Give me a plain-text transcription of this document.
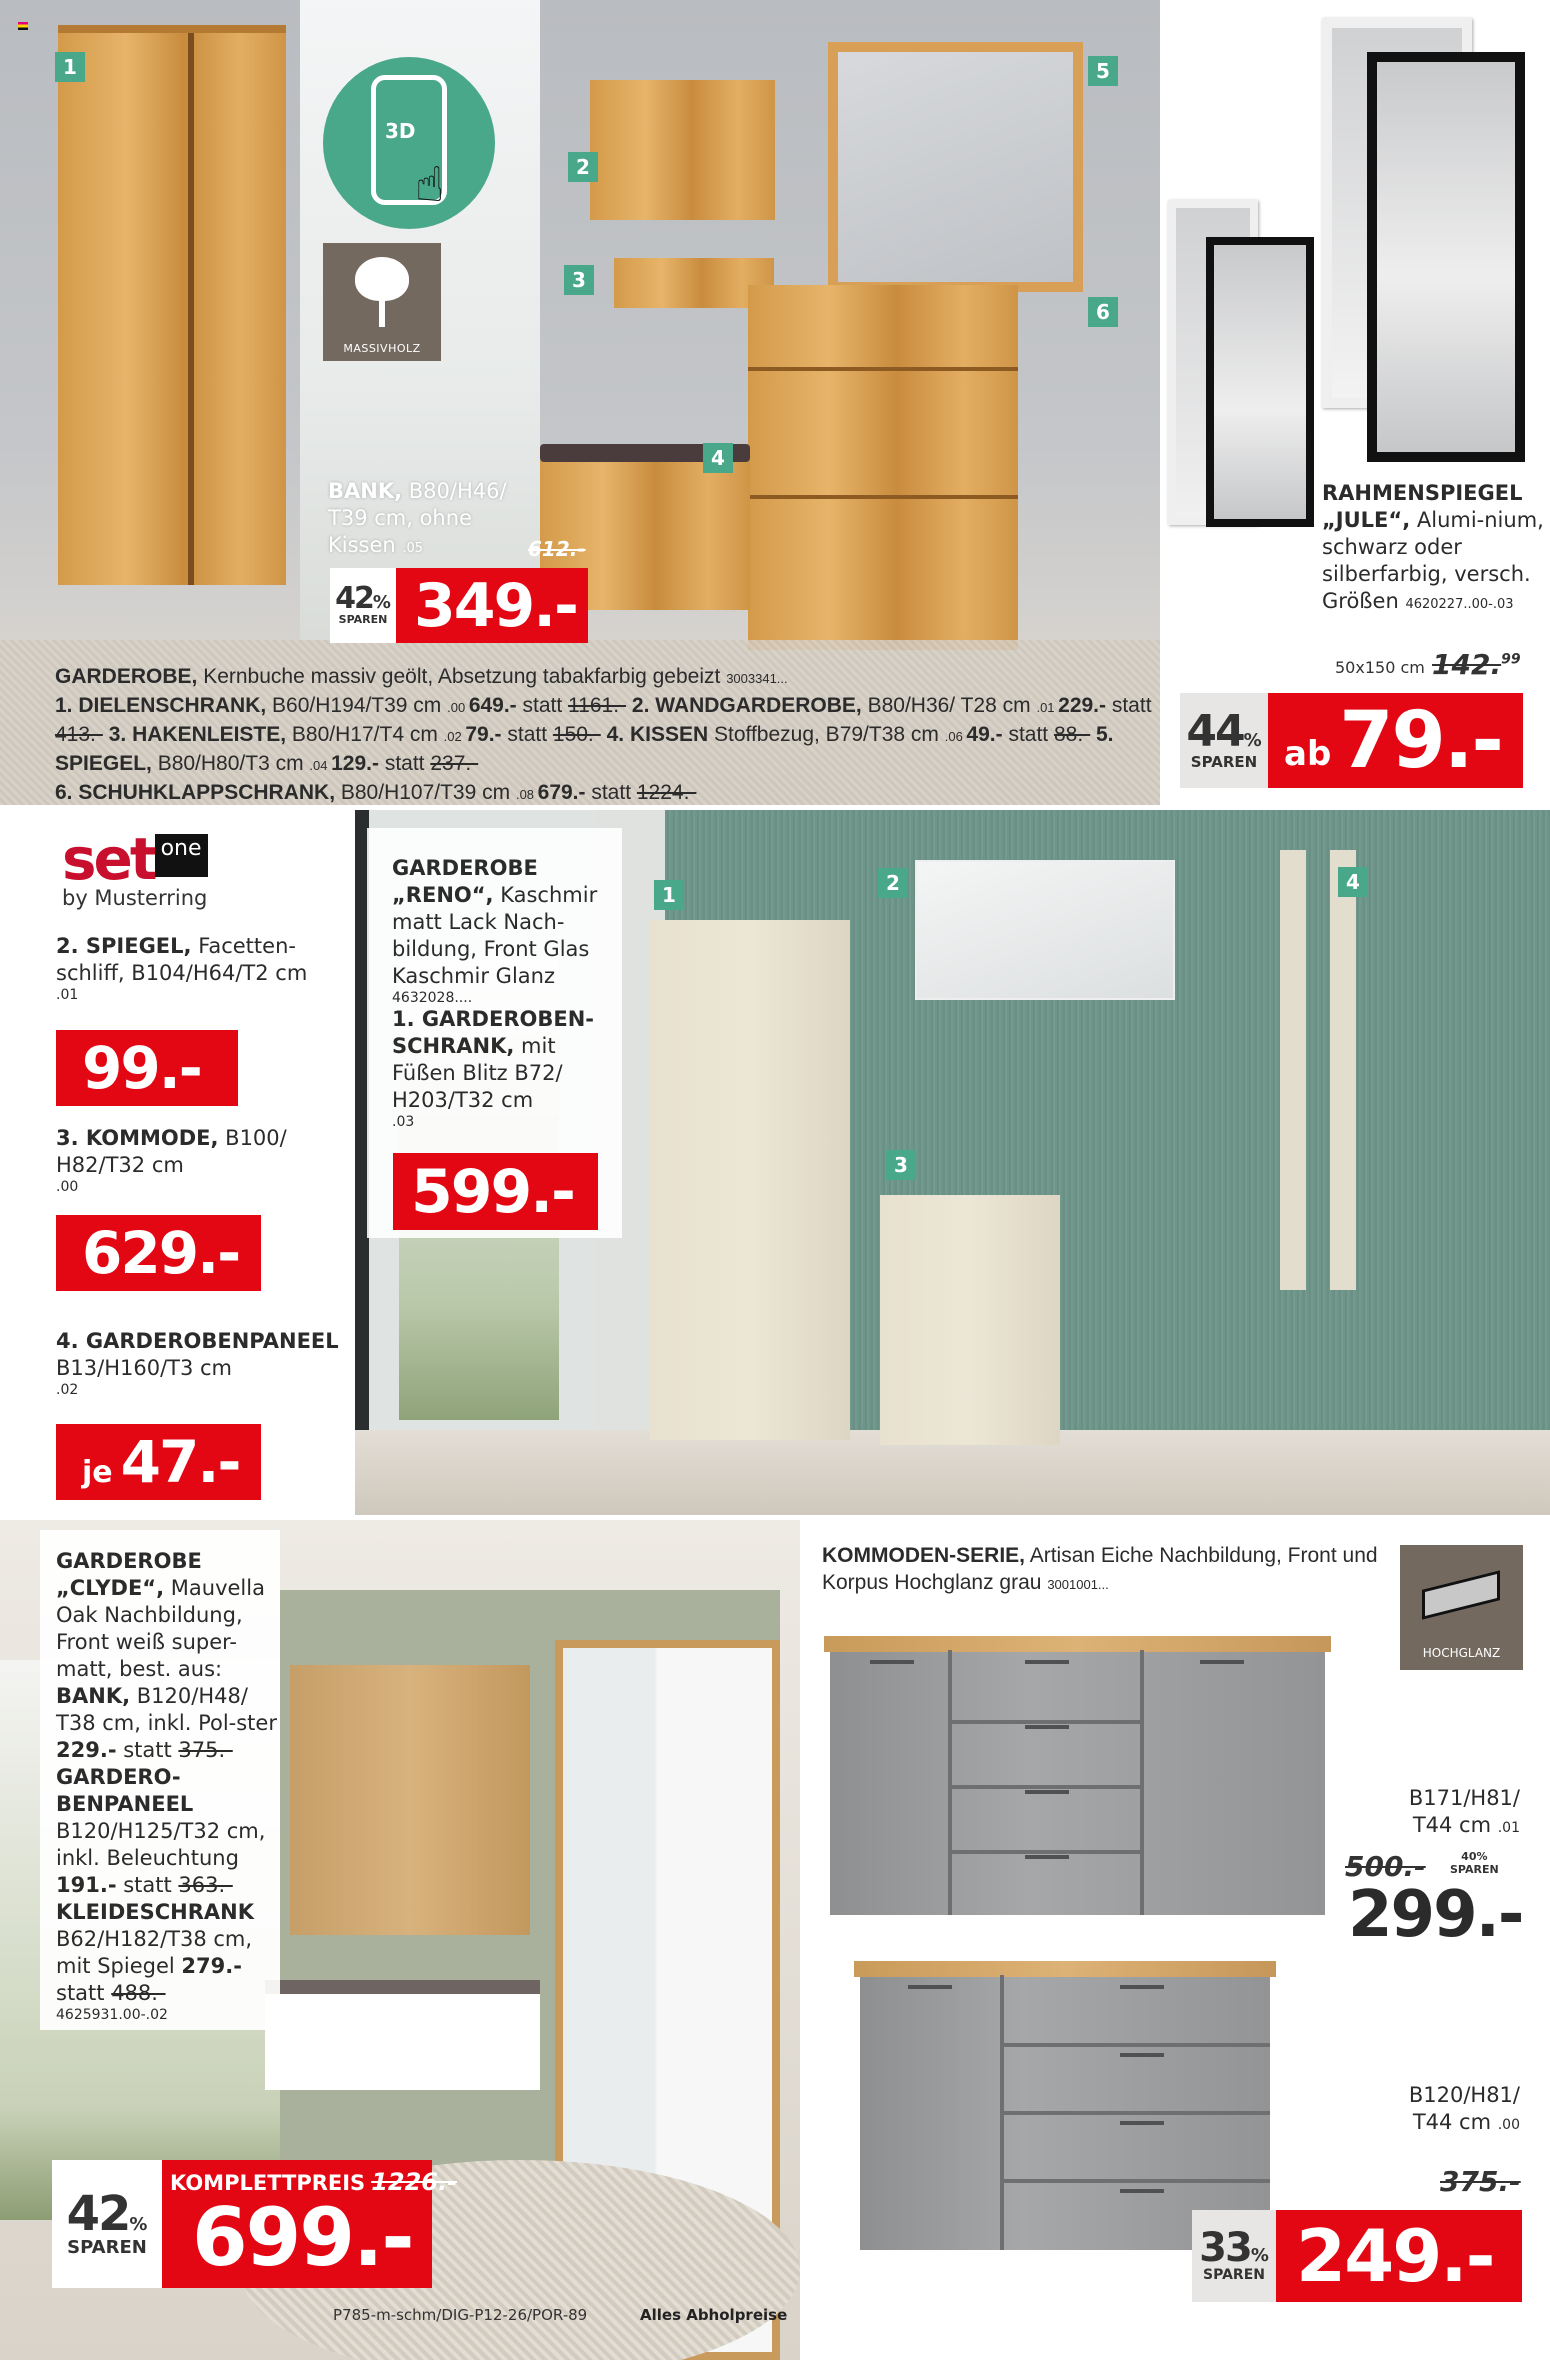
1
2
3
4
5
6
3D
☝
MASSIVHOLZ
BANK, B80/H46/
T39 cm, ohne
Kissen .05	612.-
42%
SPAREN 349.-
GARDEROBE, Kernbuche massiv geölt, Absetzung tabakfarbig gebeizt 3003341...
1. DIELENSCHRANK, B60/H194/T39 cm .00 649.- statt 1161.- 2. WANDGARDEROBE, B80/H36/ T28 cm .01 229.- statt 413.- 3. HAKENLEISTE, B80/H17/T4 cm .02 79.- statt 150.- 4. KISSEN Stoffbezug, B79/T38 cm .06 49.- statt 88.- 5. SPIEGEL, B80/H80/T3 cm .04 129.- statt 237.-
6. SCHUHKLAPPSCHRANK, B80/H107/T39 cm .08 679.- statt 1224.-
RAHMENSPIEGEL
„JULE“, Alumi-nium, schwarz oder silberfarbig, versch. Größen 4620227..00-.03
50x150 cm 142.99
44%
SPAREN ab 79.-
set one
by Musterring
2. SPIEGEL, Facetten-schliff, B104/H64/T2 cm
.01
99.-
3. KOMMODE, B100/ H82/T32 cm
.00
629.-
4. GARDEROBENPANEEL
B13/H160/T3 cm
.02
je 47.-
1	2
3
4
GARDEROBE
„RENO“, Kaschmir matt Lack Nach-bildung, Front Glas Kaschmir Glanz
4632028....
1. GARDEROBEN-SCHRANK, mit Füßen Blitz B72/ H203/T32 cm
.03
599.-
GARDEROBE
„CLYDE“, Mauvella Oak Nachbildung, Front weiß super-matt, best. aus: BANK, B120/H48/ T38 cm, inkl. Pol-ster 229.- statt 375.- GARDERO-BENPANEEL B120/H125/T32 cm, inkl. Beleuchtung 191.- statt 363.- KLEIDESCHRANK B62/H182/T38 cm, mit Spiegel 279.- statt 488.-
4625931.00-.02
42%
SPAREN
KOMPLETTPREIS 1226.-
699.-
P785-m-schm/DIG-P12-26/POR-89	Alles Abholpreise
KOMMODEN-SERIE, Artisan Eiche Nachbildung, Front und Korpus Hochglanz grau 3001001...
HOCHGLANZ
B171/H81/
T44 cm .01
500.-	40%
SPAREN
299.-
B120/H81/
T44 cm .00
375.-
33%
SPAREN 249.-
